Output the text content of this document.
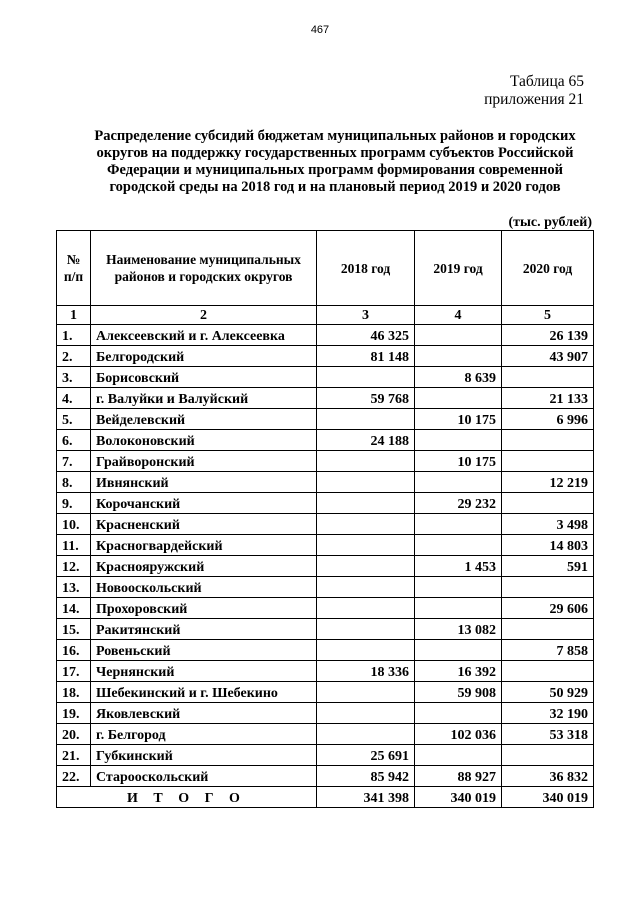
467
Таблица 65
приложения 21
Распределение субсидий бюджетам муниципальных районов и городских
округов на поддержку государственных программ субъектов Российской
Федерации и муниципальных программ формирования современной
городской среды на 2018 год и на плановый период 2019 и 2020 годов
(тыс. рублей)
№ п/п	Наименование муниципальных районов и городских округов	2018 год	2019 год	2020 год
1	2	3	4	5
1.	Алексеевский и г. Алексеевка	46 325		26 139
2.	Белгородский	81 148		43 907
3.	Борисовский		8 639	
4.	г. Валуйки и Валуйский	59 768		21 133
5.	Вейделевский		10 175	6 996
6.	Волоконовский	24 188		
7.	Грайворонский		10 175	
8.	Ивнянский			12 219
9.	Корочанский		29 232	
10.	Красненский			3 498
11.	Красногвардейский			14 803
12.	Краснояружский		1 453	591
13.	Новооскольский			
14.	Прохоровский			29 606
15.	Ракитянский		13 082	
16.	Ровеньский			7 858
17.	Чернянский	18 336	16 392	
18.	Шебекинский и г. Шебекино		59 908	50 929
19.	Яковлевский			32 190
20.	г. Белгород		102 036	53 318
21.	Губкинский	25 691		
22.	Старооскольский	85 942	88 927	36 832
И Т О Г О		341 398	340 019	340 019
